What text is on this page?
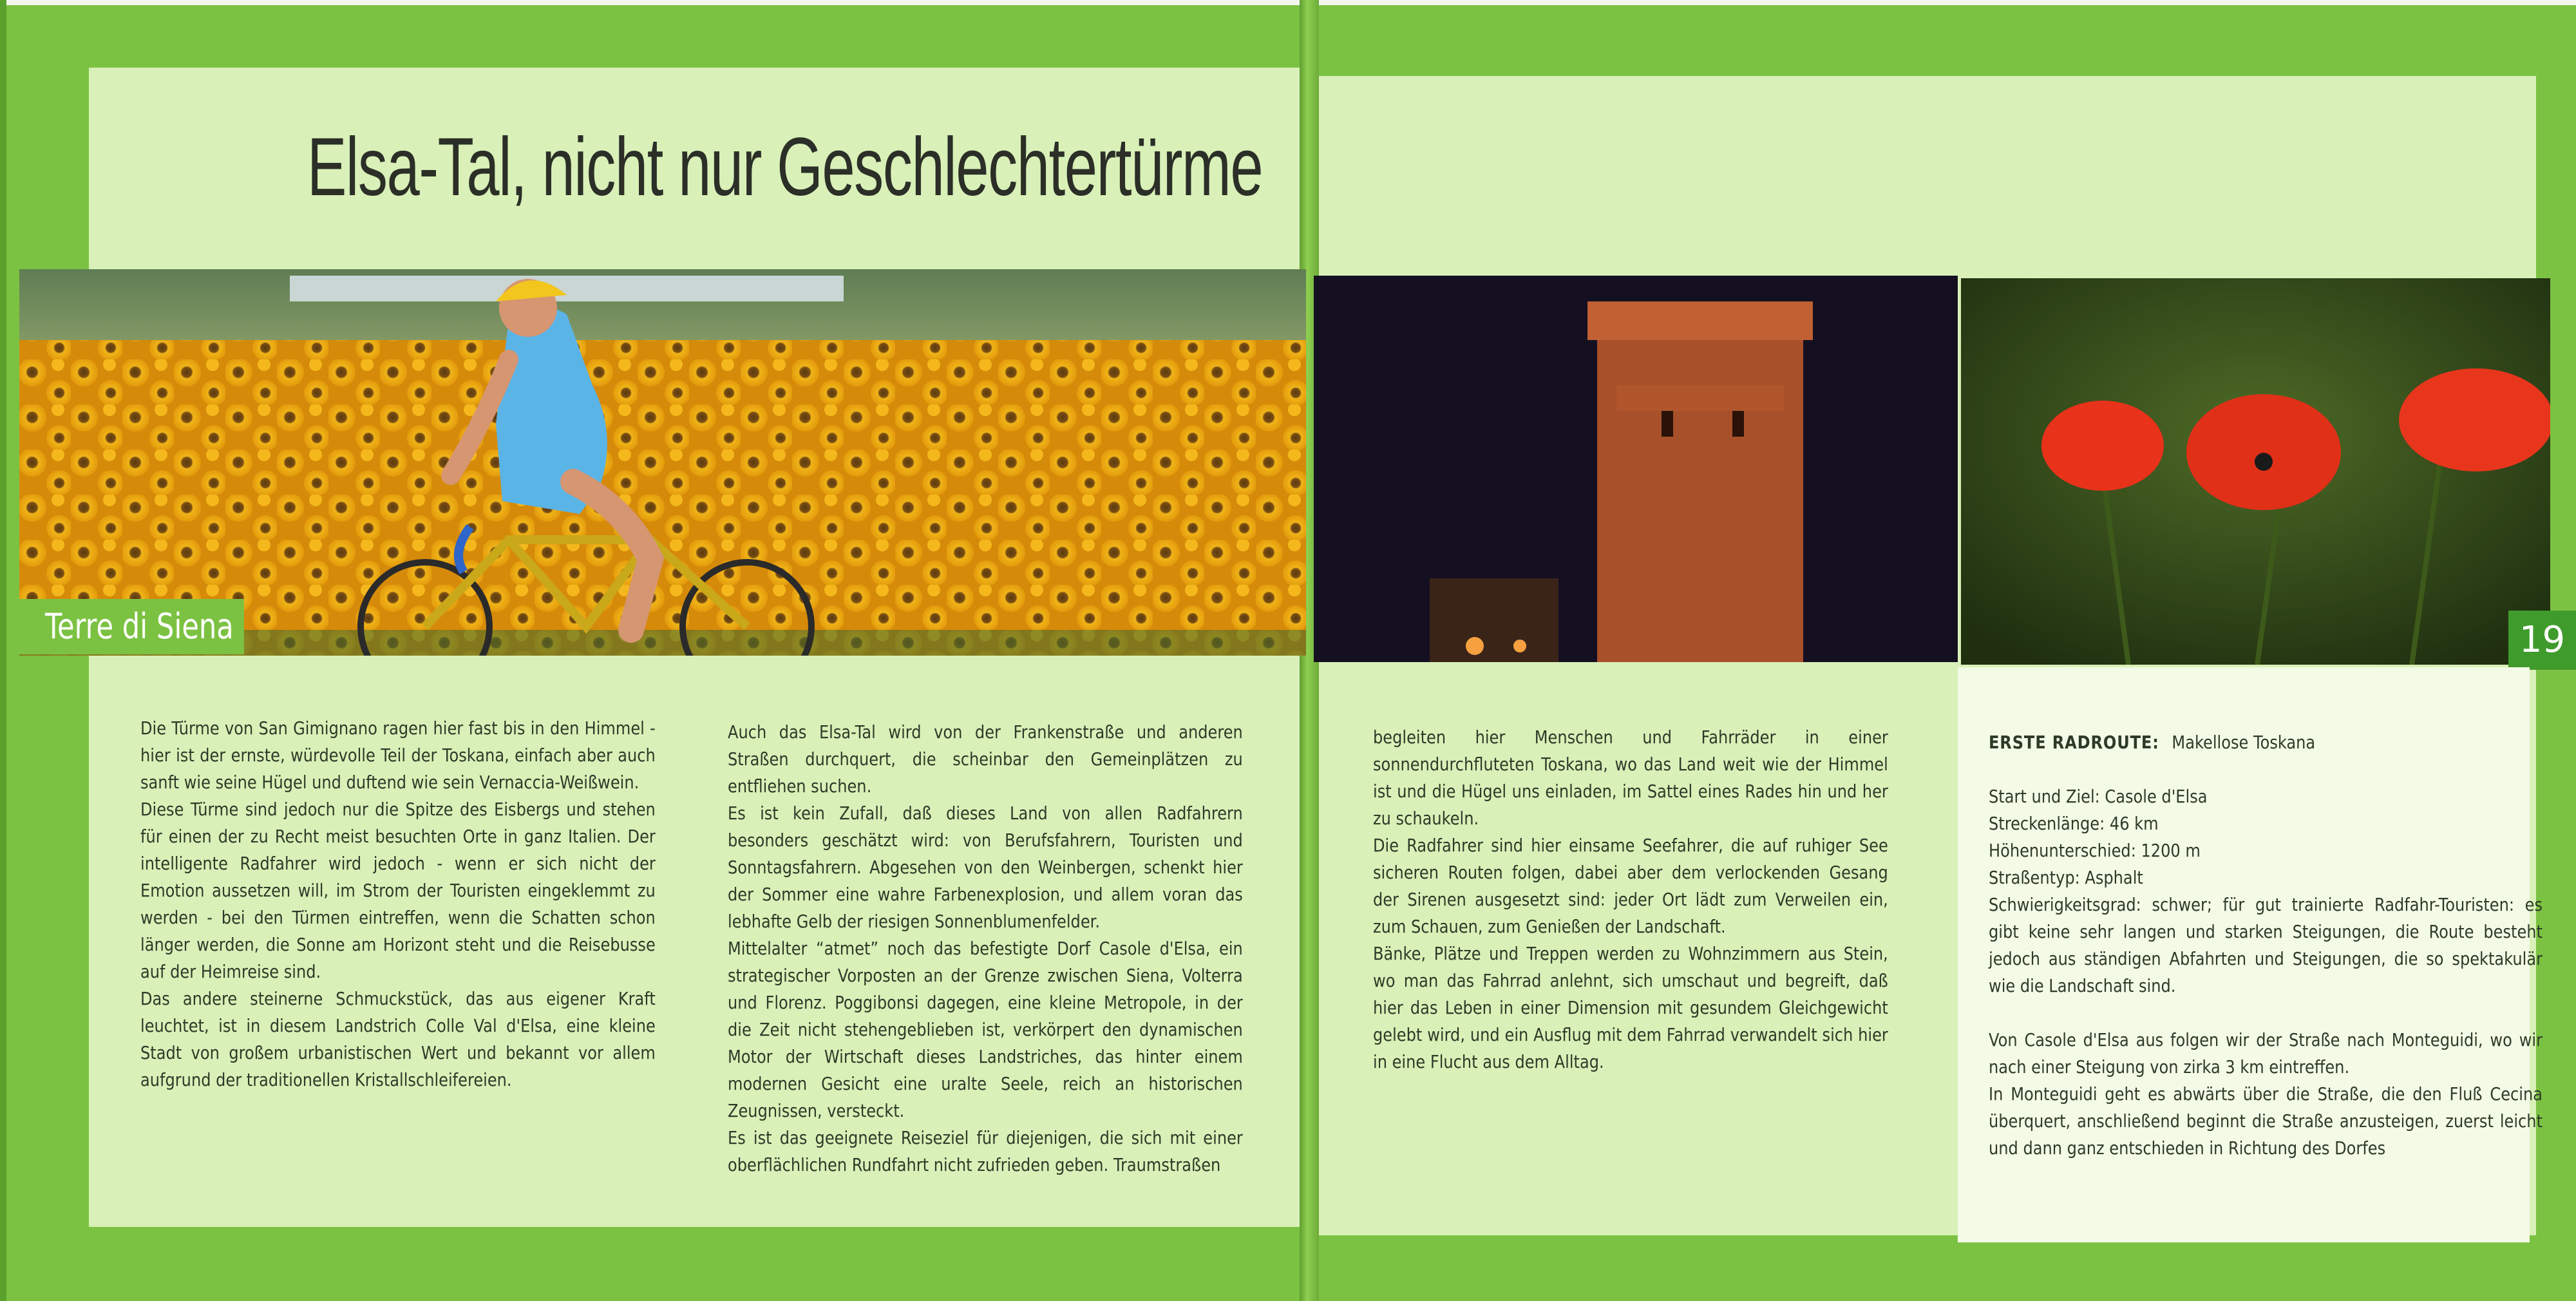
Elsa-Tal, nicht nur Geschlechtertürme
Terre di Siena	19

Die Türme von San Gimignano ragen hier fast bis in den Himmel - hier ist der ernste, würdevolle Teil der Toskana, einfach aber auch sanft wie seine Hügel und duftend wie sein Vernaccia-Weißwein.

Diese Türme sind jedoch nur die Spitze des Eisbergs und stehen für einen der zu Recht meist besuchten Orte in ganz Italien. Der intelligente Radfahrer wird jedoch - wenn er sich nicht der Emotion aussetzen will, im Strom der Touristen eingeklemmt zu werden - bei den Türmen eintreffen, wenn die Schatten schon länger werden, die Sonne am Horizont steht und die Reisebusse auf der Heimreise sind.

Das andere steinerne Schmuckstück, das aus eigener Kraft leuchtet, ist in diesem Landstrich Colle Val d'Elsa, eine kleine Stadt von großem urbanistischen Wert und bekannt vor allem aufgrund der traditionellen Kristallschleifereien.

Auch das Elsa-Tal wird von der Frankenstraße und anderen Straßen durchquert, die scheinbar den Gemeinplätzen zu entfliehen suchen.

Es ist kein Zufall, daß dieses Land von allen Radfahrern besonders geschätzt wird: von Berufsfahrern, Touristen und Sonntagsfahrern. Abgesehen von den Weinbergen, schenkt hier der Sommer eine wahre Farbenexplosion, und allem voran das lebhafte Gelb der riesigen Sonnenblumenfelder.

Mittelalter “atmet” noch das befestigte Dorf Casole d'Elsa, ein strategischer Vorposten an der Grenze zwischen Siena, Volterra und Florenz. Poggibonsi dagegen, eine kleine Metropole, in der die Zeit nicht stehengeblieben ist, verkörpert den dynamischen Motor der Wirtschaft dieses Landstriches, das hinter einem modernen Gesicht eine uralte Seele, reich an historischen Zeugnissen, versteckt.

Es ist das geeignete Reiseziel für diejenigen, die sich mit einer oberflächlichen Rundfahrt nicht zufrieden geben. Traumstraßen

begleiten hier Menschen und Fahrräder in einer sonnendurchfluteten Toskana, wo das Land weit wie der Himmel ist und die Hügel uns einladen, im Sattel eines Rades hin und her zu schaukeln.

Die Radfahrer sind hier einsame Seefahrer, die auf ruhiger See sicheren Routen folgen, dabei aber dem verlockenden Gesang der Sirenen ausgesetzt sind: jeder Ort lädt zum Verweilen ein, zum Schauen, zum Genießen der Landschaft.

Bänke, Plätze und Treppen werden zu Wohnzimmern aus Stein, wo man das Fahrrad anlehnt, sich umschaut und begreift, daß hier das Leben in einer Dimension mit gesundem Gleichgewicht gelebt wird, und ein Ausflug mit dem Fahrrad verwandelt sich hier in eine Flucht aus dem Alltag.

ERSTE RADROUTE: Makellose Toskana

Start und Ziel: Casole d'Elsa

Streckenlänge: 46 km

Höhenunterschied: 1200 m

Straßentyp: Asphalt

Schwierigkeitsgrad: schwer; für gut trainierte Radfahr-Touristen: es gibt keine sehr langen und starken Steigungen, die Route besteht jedoch aus ständigen Abfahrten und Steigungen, die so spektakulär wie die Landschaft sind.

Von Casole d'Elsa aus folgen wir der Straße nach Monteguidi, wo wir nach einer Steigung von zirka 3 km eintreffen.

In Monteguidi geht es abwärts über die Straße, die den Fluß Cecina überquert, anschließend beginnt die Straße anzusteigen, zuerst leicht und dann ganz entschieden in Richtung des Dorfes
